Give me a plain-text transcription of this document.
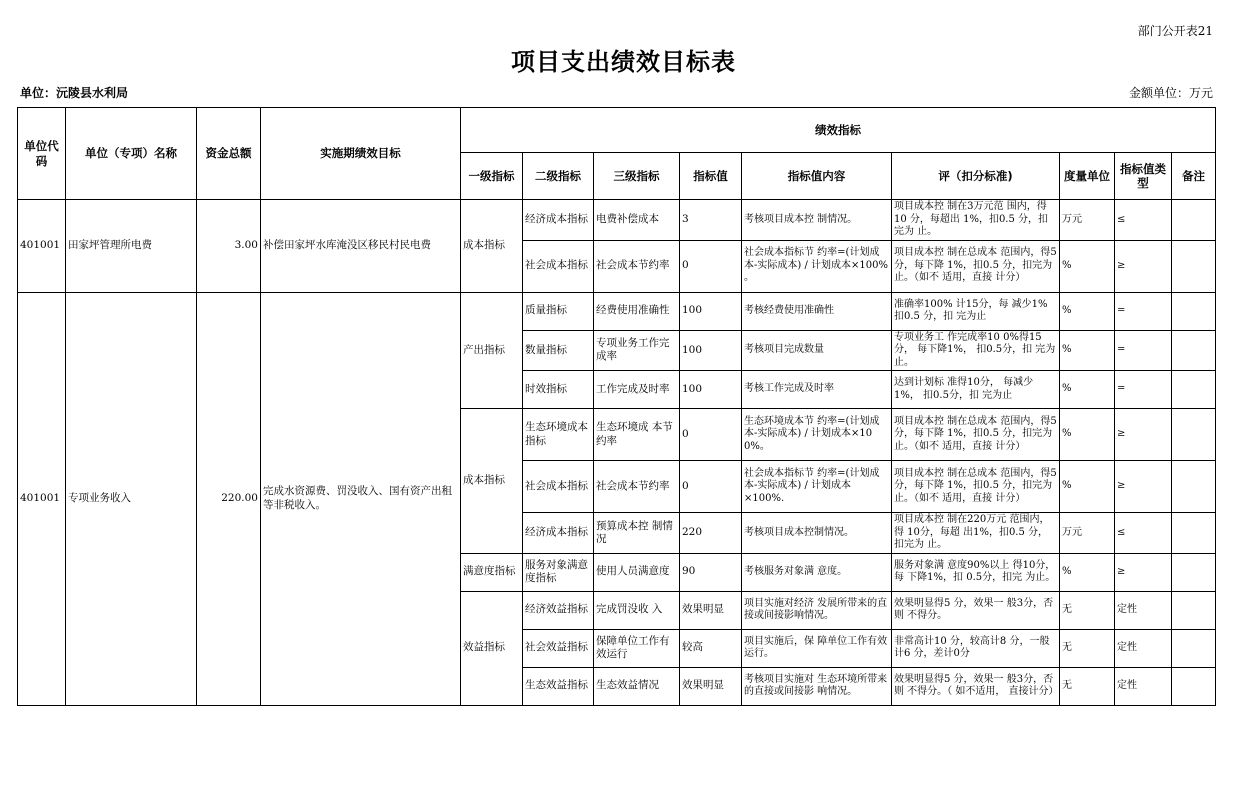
部门公开表21
项目支出绩效目标表
单位：沅陵县水利局	金额单位：万元
单位代码	单位（专项）名称	资金总额	实施期绩效目标	绩效指标								
				一级指标	二级指标	三级指标	指标值	指标值内容	评（扣分标准)	度量单位	指标值类型	备注
401001	田家坪管理所电费	3.00	补偿田家坪水库淹没区移民村民电费	成本指标	经济成本指标	电费补偿成本	3	考核项目成本控 制情况。	项目成本控 制在3万元范 围内，得10 分，每超出 1%，扣0.5 分，扣完为 止。	万元	≤	
					社会成本指标	社会成本节约率	0	社会成本指标节 约率=(计划成 本-实际成本) / 计划成本×100% 。	项目成本控 制在总成本 范围内，得5 分，每下降 1%，扣0.5 分，扣完为 止。（如不 适用，直接 计分）	%	≥	
401001	专项业务收入	220.00	完成水资源费、罚没收入、国有资产出租等非税收入。	产出指标	质量指标	经费使用准确性	100	考核经费使用准确性	准确率100% 计15分，每 减少1% 扣0.5 分，扣 完为止	%	=	
					数量指标	专项业务工作完成率	100	考核项目完成数量	专项业务工 作完成率10 0%得15分， 每下降1%， 扣0.5分，扣 完为止。	%	=	
					时效指标	工作完成及时率	100	考核工作完成及时率	达到计划标 准得10分， 每减少1%， 扣0.5分，扣 完为止	%	=	
				成本指标	生态环境成本指标	生态环境成 本节约率	0	生态环境成本节 约率=(计划成 本-实际成本) / 计划成本×10 0%。	项目成本控 制在总成本 范围内，得5 分，每下降 1%，扣0.5 分，扣完为 止。（如不 适用，直接 计分）	%	≥	
					社会成本指标	社会成本节约率	0	社会成本指标节 约率=(计划成 本-实际成本) / 计划成本×100%.	项目成本控 制在总成本 范围内，得5 分，每下降 1%，扣0.5 分，扣完为 止。（如不 适用，直接 计分）	%	≥	
					经济成本指标	预算成本控 制情况	220	考核项目成本控制情况。	项目成本控 制在220万元 范围内，得 10分，每超 出1%，扣0.5 分，扣完为 止。	万元	≤	
				满意度指标	服务对象满意度指标	使用人员满意度	90	考核服务对象满 意度。	服务对象满 意度90%以上 得10分，每 下降1%，扣 0.5分，扣完 为止。	%	≥	
				效益指标	经济效益指标	完成罚没收 入	效果明显	项目实施对经济 发展所带来的直 接或间接影响情况。	效果明显得5 分，效果一 般3分，否则 不得分。	无	定性	
					社会效益指标	保障单位工作有效运行	较高	项目实施后，保 障单位工作有效 运行。	非常高计10 分，较高计8 分，一般计6 分，差计0分	无	定性	
					生态效益指标	生态效益情况	效果明显	考核项目实施对 生态环境所带来 的直接或间接影 响情况。	效果明显得5 分，效果一 般3分，否则 不得分。（ 如不适用， 直接计分）	无	定性	
